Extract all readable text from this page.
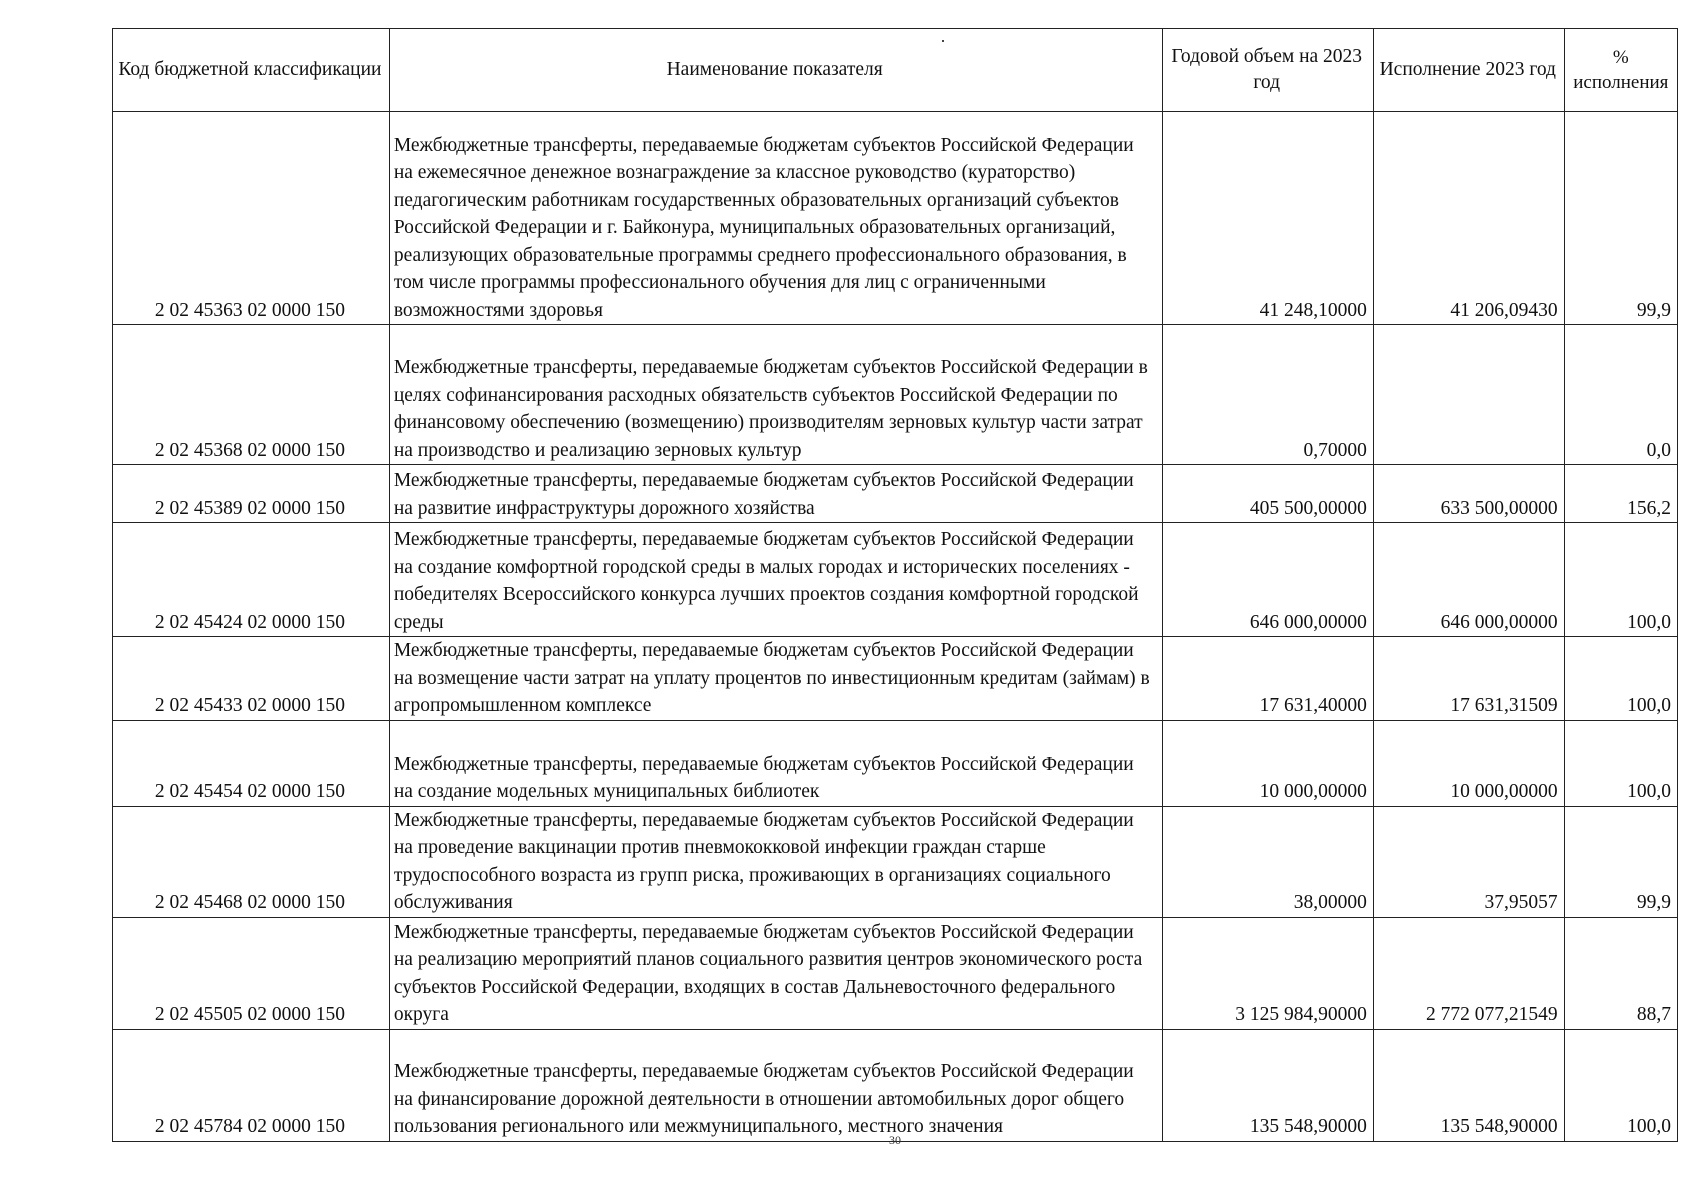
Код бюджетной классификации	Наименование показателя	Годовой объем на 2023 год	Исполнение 2023 год	% исполнения
2 02 45363 02 0000 150	Межбюджетные трансферты, передаваемые бюджетам субъектов Российской Федерации на ежемесячное денежное вознаграждение за классное руководство (кураторство) педагогическим работникам государственных образовательных организаций субъектов Российской Федерации и г. Байконура, муниципальных образовательных организаций, реализующих образовательные программы среднего профессионального образования, в том числе программы профессионального обучения для лиц с ограниченными возможностями здоровья	41 248,10000	41 206,09430	99,9
2 02 45368 02 0000 150	Межбюджетные трансферты, передаваемые бюджетам субъектов Российской Федерации в целях софинансирования расходных обязательств субъектов Российской Федерации по финансовому обеспечению (возмещению) производителям зерновых культур части затрат на производство и реализацию зерновых культур	0,70000		0,0
2 02 45389 02 0000 150	Межбюджетные трансферты, передаваемые бюджетам субъектов Российской Федерации на развитие инфраструктуры дорожного хозяйства	405 500,00000	633 500,00000	156,2
2 02 45424 02 0000 150	Межбюджетные трансферты, передаваемые бюджетам субъектов Российской Федерации на создание комфортной городской среды в малых городах и исторических поселениях - победителях Всероссийского конкурса лучших проектов создания комфортной городской среды	646 000,00000	646 000,00000	100,0
2 02 45433 02 0000 150	Межбюджетные трансферты, передаваемые бюджетам субъектов Российской Федерации на возмещение части затрат на уплату процентов по инвестиционным кредитам (займам) в агропромышленном комплексе	17 631,40000	17 631,31509	100,0
2 02 45454 02 0000 150	Межбюджетные трансферты, передаваемые бюджетам субъектов Российской Федерации на создание модельных муниципальных библиотек	10 000,00000	10 000,00000	100,0
2 02 45468 02 0000 150	Межбюджетные трансферты, передаваемые бюджетам субъектов Российской Федерации на проведение вакцинации против пневмококковой инфекции граждан старше трудоспособного возраста из групп риска, проживающих в организациях социального обслуживания	38,00000	37,95057	99,9
2 02 45505 02 0000 150	Межбюджетные трансферты, передаваемые бюджетам субъектов Российской Федерации на реализацию мероприятий планов социального развития центров экономического роста субъектов Российской Федерации, входящих в состав Дальневосточного федерального округа	3 125 984,90000	2 772 077,21549	88,7
2 02 45784 02 0000 150	Межбюджетные трансферты, передаваемые бюджетам субъектов Российской Федерации на финансирование дорожной деятельности в отношении автомобильных дорог общего пользования регионального или межмуниципального, местного значения	135 548,90000	135 548,90000	100,0
30
